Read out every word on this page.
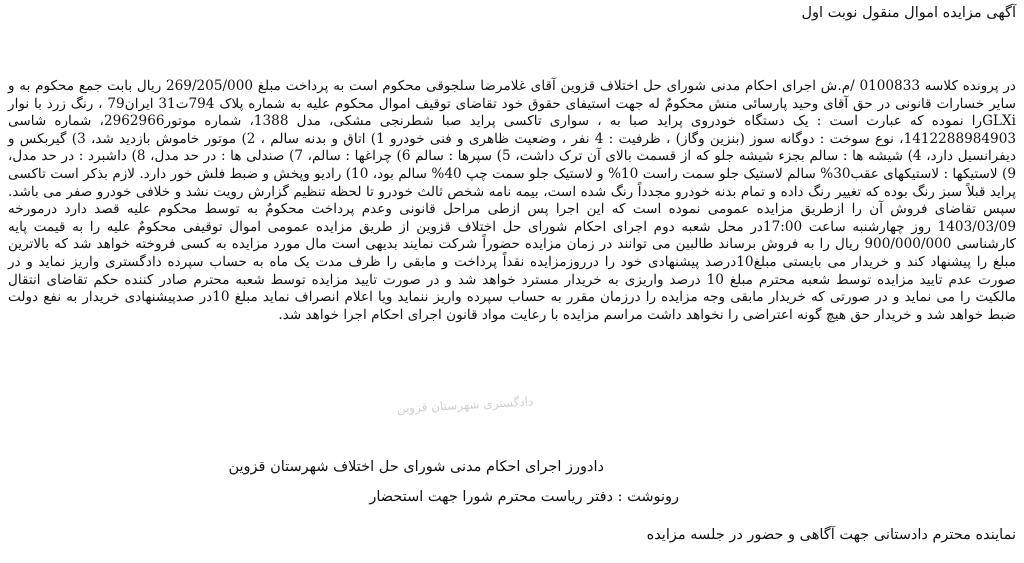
آگهی مزایده اموال منقول نوبت اول
در پرونده کلاسه 0100833 /م.ش اجرای احکام مدنی شورای حل اختلاف قزوین آقای غلامرضا سلجوقی محکوم است به پرداخت مبلغ 269/205/000 ریال بابت جمع محکوم به و سایر خسارات قانونی در حق آقای وحید پارسائی منش محکومٌ له جهت استیفای حقوق خود تقاضای توقیف اموال محکوم علیه به شماره پلاک 794ت31 ایران79 ، رنگ زرد با نوار GLXiرا نموده که عبارت است : یک دستگاه خودروی پراید صبا به ، سواری تاکسی پراید صبا شطرنجی مشکی، مدل 1388، شماره موتور2962966، شماره شاسی 1412288984903، نوع سوخت : دوگانه سوز (بنزین وگاز) ، ظرفیت : 4 نفر ، وضعیت ظاهری و فنی خودرو 1) اتاق و بدنه سالم ، 2) موتور خاموش بازدید شد، 3) گیربکس و دیفرانسیل دارد، 4) شیشه ها : سالم بجزء شیشه جلو که از قسمت بالای آن ترک داشت، 5) سپرها : سالم 6) چراغها : سالم، 7) صندلی ها : در حد مدل، 8) داشبرد : در حد مدل، 9) لاستیکها : لاستیکهای عقب30% سالم لاستیک جلو سمت راست 10% و لاستیک جلو سمت چپ 40% سالم بود، 10) رادیو وپخش و ضبط فلش خور دارد. لازم بذکر است تاکسی پراید قبلاً سبز رنگ بوده که تغییر رنگ داده و تمام بدنه خودرو مجدداً رنگ شده است، بیمه نامه شخص ثالث خودرو تا لحظه تنظیم گزارش رویت نشد و خلافی خودرو صفر می باشد. سپس تقاضای فروش آن را ازطریق مزایده عمومی نموده است که این اجرا پس ازطی مراحل قانونی وعدم پرداخت محکومٌ به توسط محکوم علیه قصد دارد درمورخه 1403/03/09 روز چهارشنبه ساعت 17:00در محل شعبه دوم اجرای احکام شورای حل اختلاف قزوین از طریق مزایده عمومی اموال توقیفی محکومٌ علیه را به قیمت پایه کارشناسی 900/000/000 ریال را به فروش برساند طالبین می توانند در زمان مزایده حضوراً شرکت نمایند بدیهی است مال مورد مزایده به کسی فروخته خواهد شد که بالاترین مبلغ را پیشنهاد کند و خریدار می بایستی مبلغ10درصد پیشنهادی خود را درروزمزایده نقداً پرداخت و مابقی را ظرف مدت یک ماه به حساب سپرده دادگستری واریز نماید و در صورت عدم تایید مزایده توسط شعبه محترم مبلغ 10 درصد واریزی به خریدار مسترد خواهد شد و در صورت تایید مزایده توسط شعبه محترم صادر کننده حکم تقاضای انتقال مالکیت را می نماید و در صورتی که خریدار مابقی وجه مزایده را درزمان مقرر به حساب سپرده واریز ننماید ویا اعلام انصراف نماید مبلغ 10در صدپیشنهادی خریدار به نفع دولت ضبط خواهد شد و خریدار حق هیچ گونه اعتراضی را نخواهد داشت مراسم مزایده با رعایت مواد قانون اجرای احکام اجرا خواهد شد.
دادگستری شهرستان قزوین
دادورز اجرای احکام مدنی شورای حل اختلاف شهرستان قزوین
رونوشت : دفتر ریاست محترم شورا جهت استحضار
نماینده محترم دادستانی جهت آگاهی و حضور در جلسه مزایده
